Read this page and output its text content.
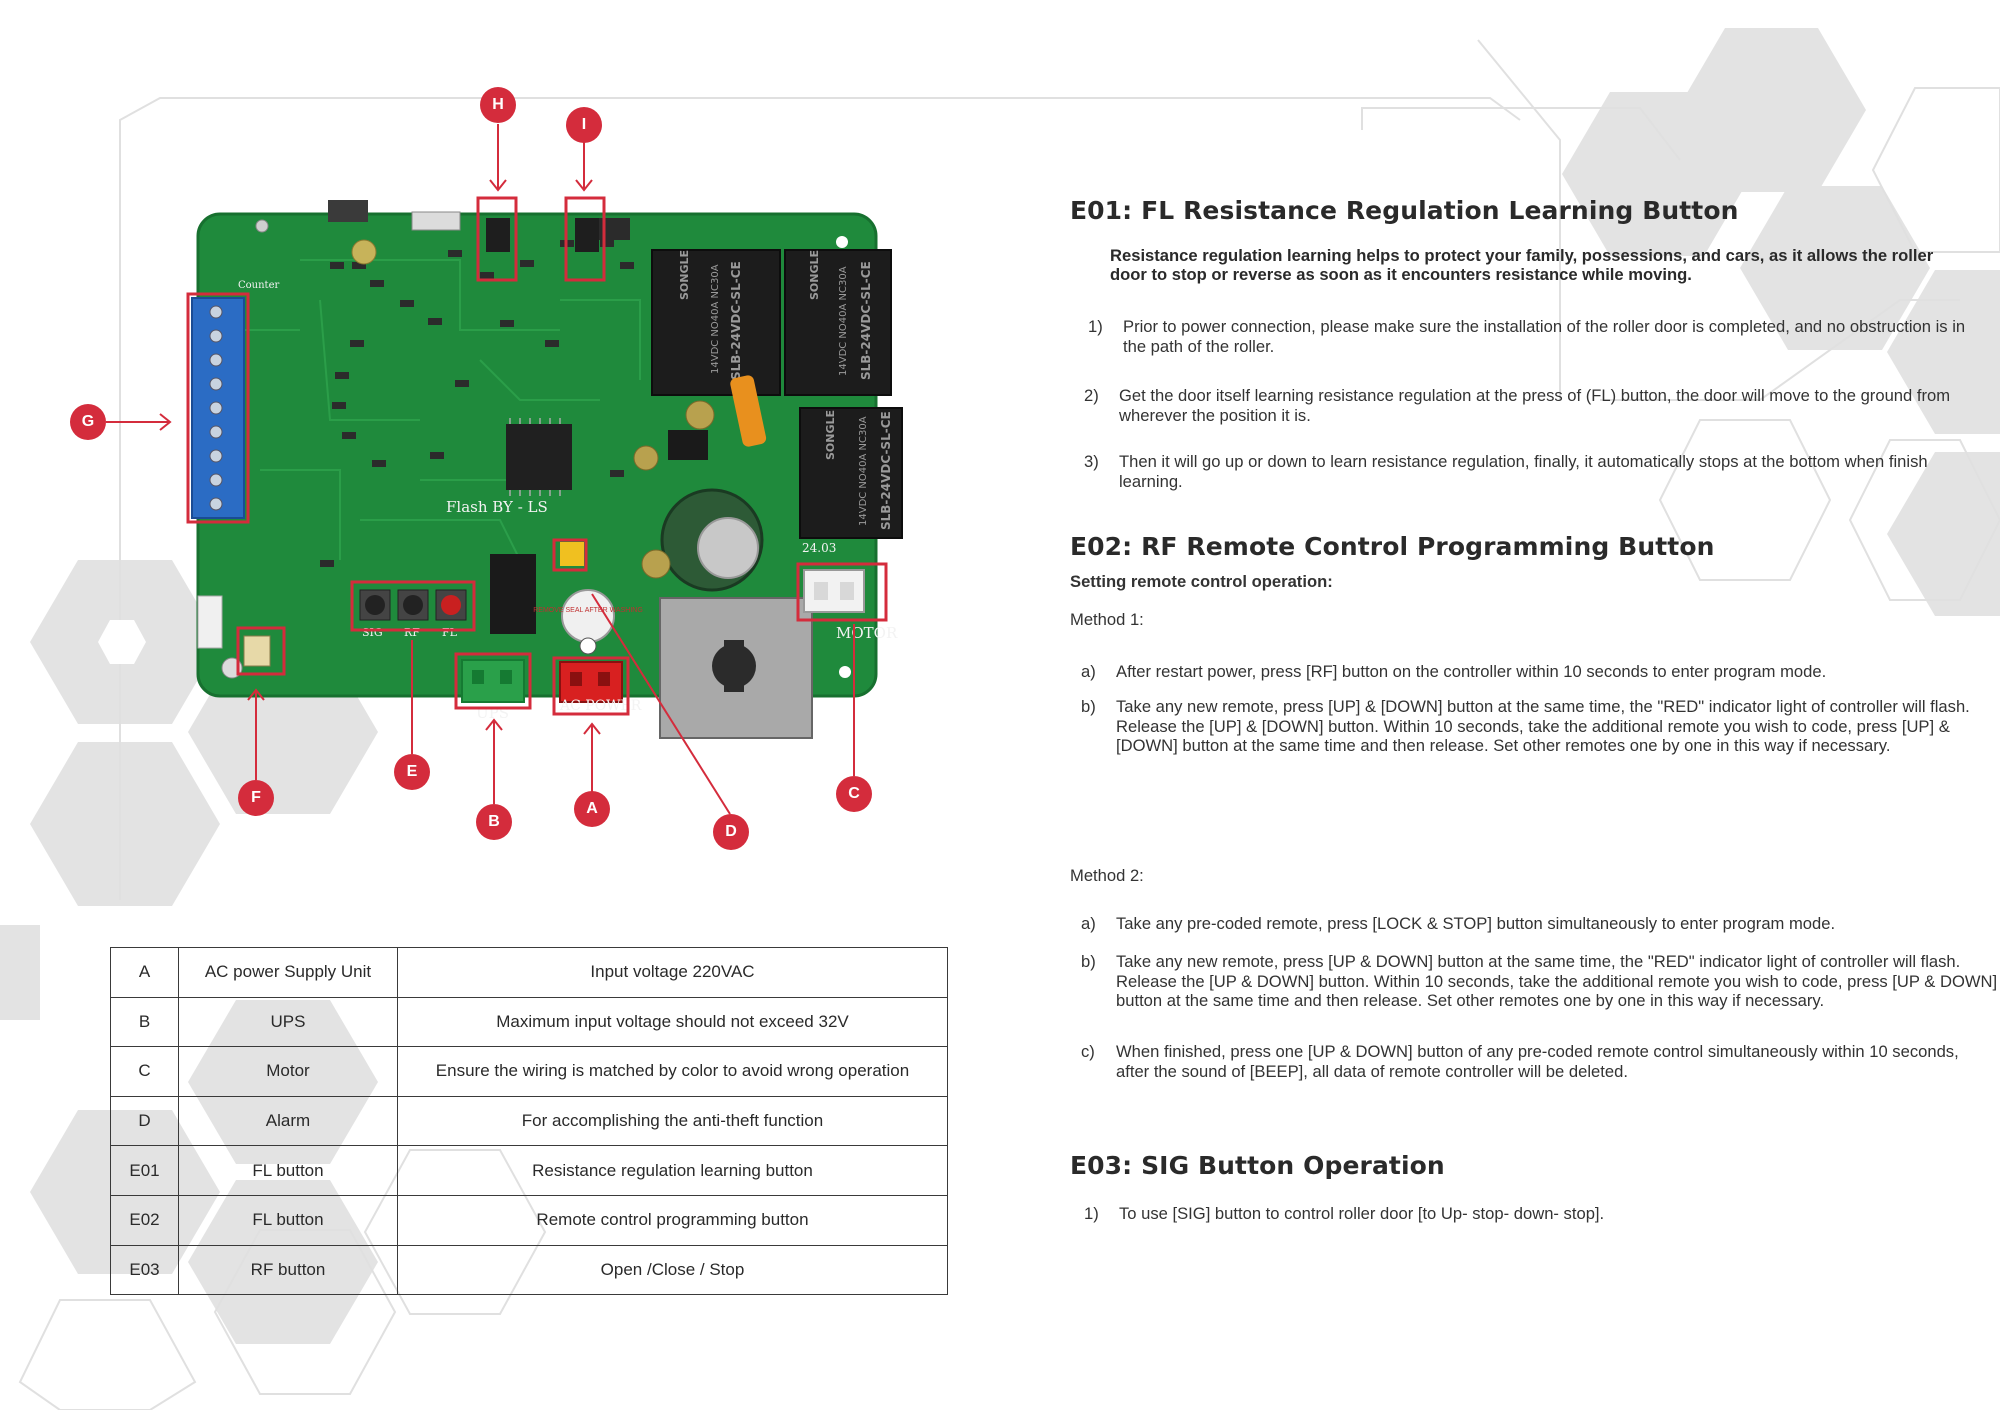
SLB-24VDC-SL-CE	SLB-24VDC-SL-CE
SLB-24VDC-SL-CE
14VDC NO40A NC30A	14VDC NO40A NC30A
14VDC NO40A NC30A
SONGLE	SONGLE
SONGLE
SIG RF FL
REMOVE SEAL AFTER WASHING
Flash BY - LS
UPS	AC POWER
MOTOR
Counter
24.03
H
I
G
F
E
B
A
D
C
A	AC power Supply Unit	Input voltage 220VAC
B	UPS	Maximum input voltage should not exceed 32V
C	Motor	Ensure the wiring is matched by color to avoid wrong operation
D	Alarm	For accomplishing the anti-theft function
E01	FL button	Resistance regulation learning button
E02	FL button	Remote control programming button
E03	RF button	Open /Close / Stop
E01: FL Resistance Regulation Learning Button
Resistance regulation learning helps to protect your family, possessions, and cars, as it allows the roller door to stop or reverse as soon as it encounters resistance while moving.
1) Prior to power connection, please make sure the installation of the roller door is completed, and no obstruction is in the path of the roller.
2) Get the door itself learning resistance regulation at the press of (FL) button, the door will move to the ground from wherever the position it is.
3) Then it will go up or down to learn resistance regulation, finally, it automatically stops at the bottom when finish learning.
E02: RF Remote Control Programming Button
Setting remote control operation:
Method 1:
a) After restart power, press [RF] button on the controller within 10 seconds to enter program mode.
b) Take any new remote, press [UP] & [DOWN] button at the same time, the "RED" indicator light of controller will flash. Release the [UP] & [DOWN] button. Within 10 seconds, take the additional remote you wish to code, press [UP] & [DOWN] button at the same time and then release. Set other remotes one by one in this way if necessary.
Method 2:
a) Take any pre-coded remote, press [LOCK & STOP] button simultaneously to enter program mode.
b) Take any new remote, press [UP & DOWN] button at the same time, the "RED" indicator light of controller will flash. Release the [UP & DOWN] button. Within 10 seconds, take the additional remote you wish to code, press [UP & DOWN] button at the same time and then release. Set other remotes one by one in this way if necessary.
c) When finished, press one [UP & DOWN] button of any pre-coded remote control simultaneously within 10 seconds, after the sound of [BEEP], all data of remote controller will be deleted.
E03: SIG Button Operation
1) To use [SIG] button to control roller door [to Up- stop- down- stop].
